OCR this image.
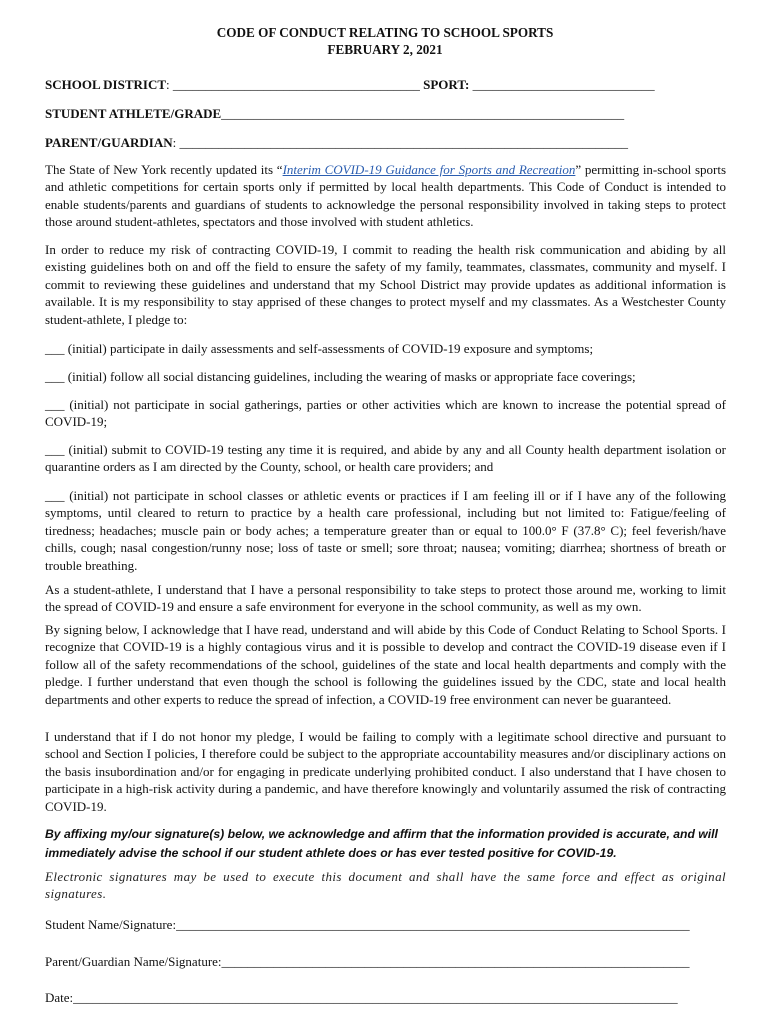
CODE OF CONDUCT RELATING TO SCHOOL SPORTS
FEBRUARY 2, 2021
SCHOOL DISTRICT: ______________________________________ SPORT: ____________________________
STUDENT ATHLETE/GRADE______________________________________________________________
PARENT/GUARDIAN: _____________________________________________________________________

The State of New York recently updated its “Interim COVID-19 Guidance for Sports and Recreation” permitting in-school sports and athletic competitions for certain sports only if permitted by local health departments. This Code of Conduct is intended to enable students/parents and guardians of students to acknowledge the personal responsibility involved in taking steps to protect those around student-athletes, spectators and those involved with student athletics.

In order to reduce my risk of contracting COVID-19, I commit to reading the health risk communication and abiding by all existing guidelines both on and off the field to ensure the safety of my family, teammates, classmates, community and myself. I commit to reviewing these guidelines and understand that my School District may provide updates as additional information is available. It is my responsibility to stay apprised of these changes to protect myself and my classmates. As a Westchester County student-athlete, I pledge to:

___ (initial) participate in daily assessments and self-assessments of COVID-19 exposure and symptoms;

___ (initial) follow all social distancing guidelines, including the wearing of masks or appropriate face coverings;

___ (initial) not participate in social gatherings, parties or other activities which are known to increase the potential spread of COVID-19;

___ (initial) submit to COVID-19 testing any time it is required, and abide by any and all County health department isolation or quarantine orders as I am directed by the County, school, or health care providers; and

___ (initial) not participate in school classes or athletic events or practices if I am feeling ill or if I have any of the following symptoms, until cleared to return to practice by a health care professional, including but not limited to: Fatigue/feeling of tiredness; headaches; muscle pain or body aches; a temperature greater than or equal to 100.0° F (37.8° C); feel feverish/have chills, cough; nasal congestion/runny nose; loss of taste or smell; sore throat; nausea; vomiting; diarrhea; shortness of breath or trouble breathing.

As a student-athlete, I understand that I have a personal responsibility to take steps to protect those around me, working to limit the spread of COVID-19 and ensure a safe environment for everyone in the school community, as well as my own.

By signing below, I acknowledge that I have read, understand and will abide by this Code of Conduct Relating to School Sports. I recognize that COVID-19 is a highly contagious virus and it is possible to develop and contract the COVID-19 disease even if I follow all of the safety recommendations of the school, guidelines of the state and local health departments and comply with the pledge. I further understand that even though the school is following the guidelines issued by the CDC, state and local health departments and other experts to reduce the spread of infection, a COVID-19 free environment can never be guaranteed.

I understand that if I do not honor my pledge, I would be failing to comply with a legitimate school directive and pursuant to school and Section I policies, I therefore could be subject to the appropriate accountability measures and/or disciplinary actions on the basis insubordination and/or for engaging in predicate underlying prohibited conduct. I also understand that I have chosen to participate in a high-risk activity during a pandemic, and have therefore knowingly and voluntarily assumed the risk of contracting COVID-19.

By affixing my/our signature(s) below, we acknowledge and affirm that the information provided is accurate, and will immediately advise the school if our student athlete does or has ever tested positive for COVID-19.

Electronic signatures may be used to execute this document and shall have the same force and effect as original signatures.

Student Name/Signature:_______________________________________________________________________________
Parent/Guardian Name/Signature:________________________________________________________________________
Date:_____________________________________________________________________________________________
